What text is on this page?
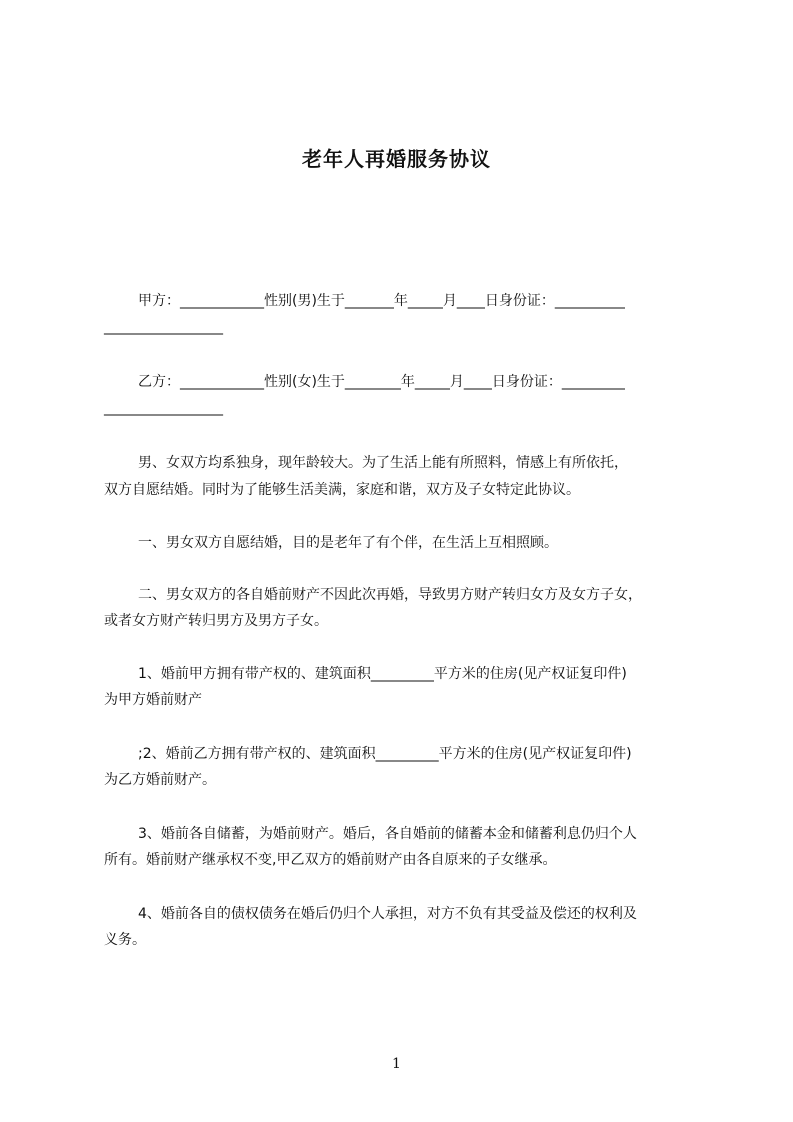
老年人再婚服务协议

甲方：____________性别(男)生于_______年_____月____日身份证：__________

_________________

乙方：____________性别(女)生于________年_____月____日身份证：_________

_________________

男、女双方均系独身，现年龄较大。为了生活上能有所照料，情感上有所依托，

双方自愿结婚。同时为了能够生活美满，家庭和谐，双方及子女特定此协议。

一、男女双方自愿结婚，目的是老年了有个伴，在生活上互相照顾。

二、男女双方的各自婚前财产不因此次再婚，导致男方财产转归女方及女方子女，

或者女方财产转归男方及男方子女。

1、婚前甲方拥有带产权的、建筑面积_________平方米的住房(见产权证复印件)

为甲方婚前财产

;2、婚前乙方拥有带产权的、建筑面积_________平方米的住房(见产权证复印件)

为乙方婚前财产。

3、婚前各自储蓄，为婚前财产。婚后，各自婚前的储蓄本金和储蓄利息仍归个人

所有。婚前财产继承权不变,甲乙双方的婚前财产由各自原来的子女继承。

4、婚前各自的债权债务在婚后仍归个人承担，对方不负有其受益及偿还的权利及

义务。

1
